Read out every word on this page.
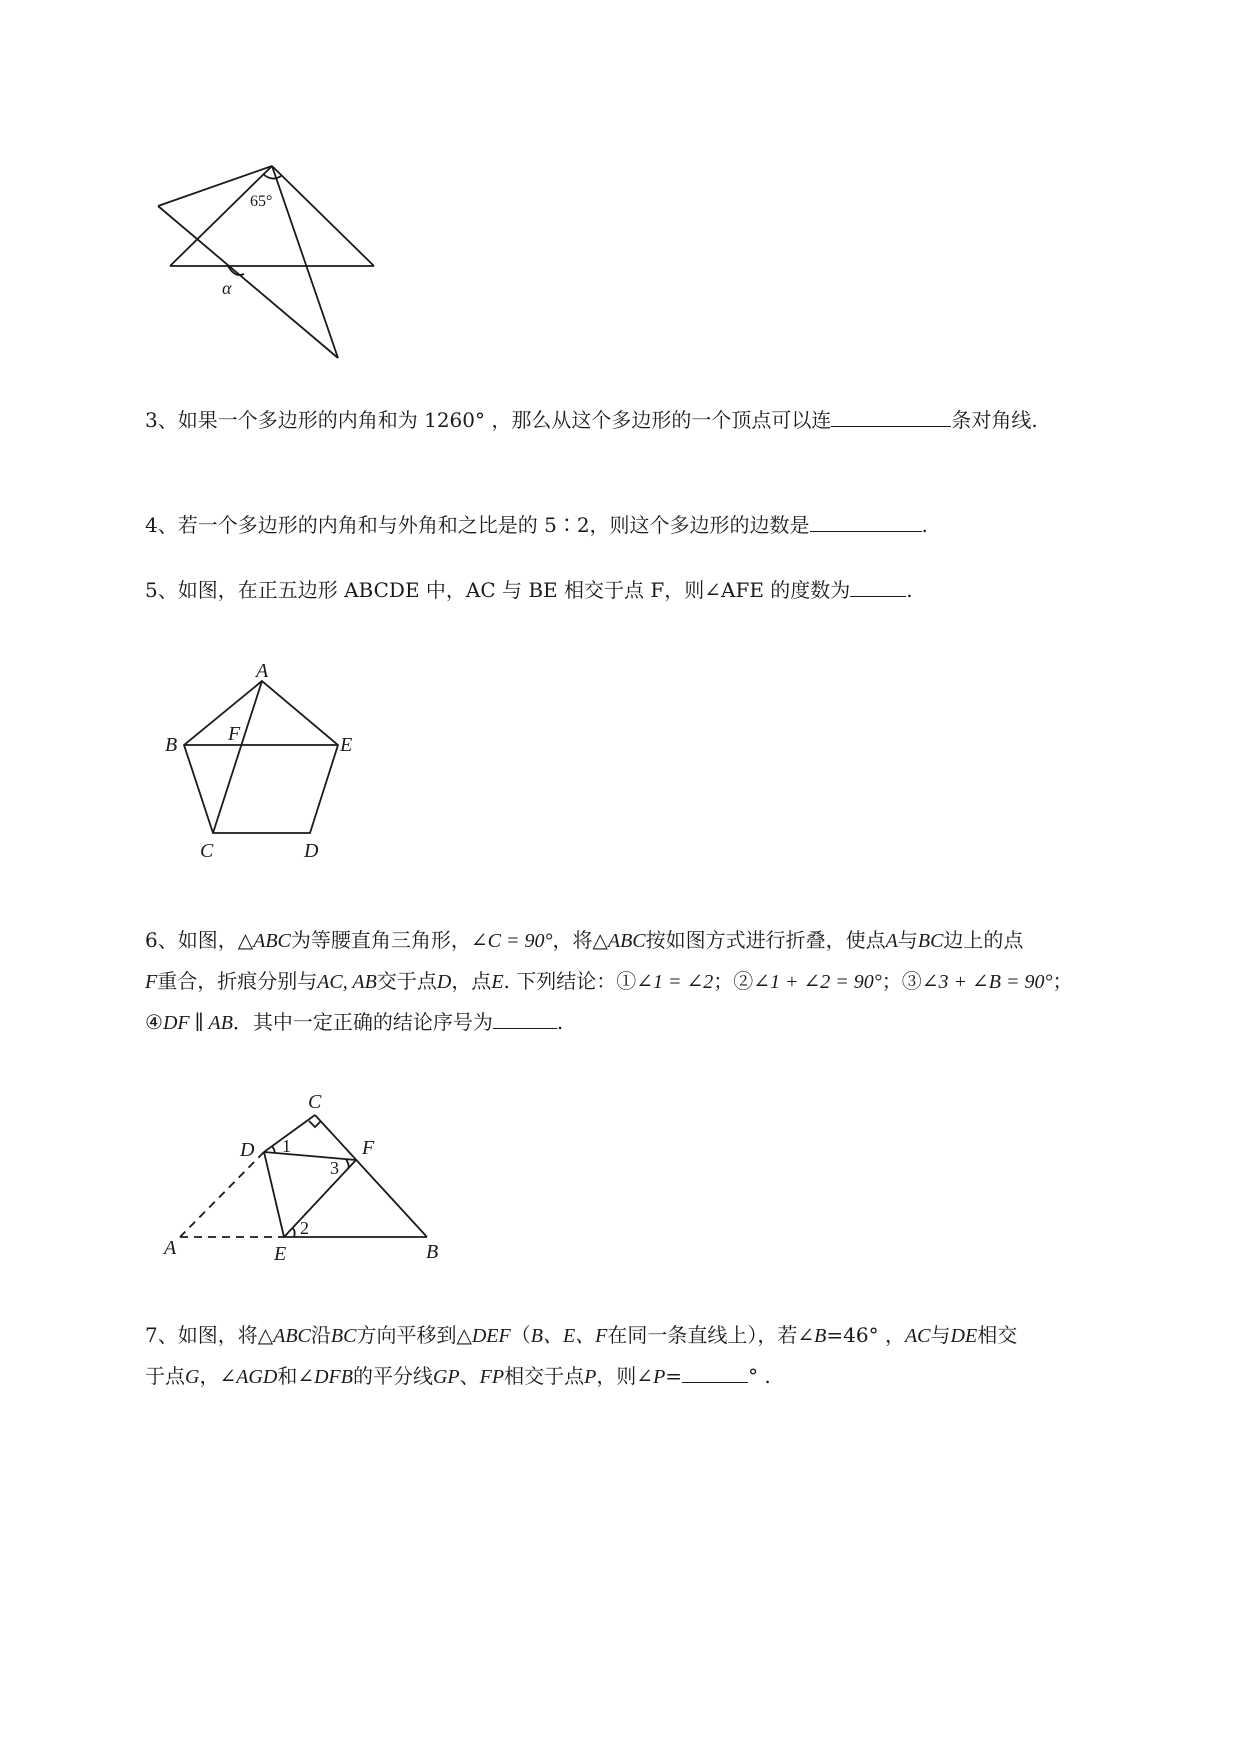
65°
α

3、如果一个多边形的内角和为 1260° ，那么从这个多边形的一个顶点可以连	条对角线.

4、若一个多边形的内角和与外角和之比是的 5∶2，则这个多边形的边数是	.

5、如图，在正五边形 ABCDE 中，AC 与 BE 相交于点 F，则∠AFE 的度数为	.

A
B	F	E
C	D

6、如图，△ABC为等腰直角三角形，∠C = 90°，将△ABC按如图方式进行折叠，使点A与BC边上的点

F重合，折痕分别与AC, AB交于点D，点E. 下列结论：①∠1 = ∠2；②∠1 + ∠2 = 90°；③∠3 + ∠B = 90°；

④DF ∥ AB．其中一定正确的结论序号为	.

C
D	F
A	E	B
1
3
2

7、如图，将△ABC沿BC方向平移到△DEF（B、E、F在同一条直线上），若∠B=46° ，AC与DE相交

于点G，∠AGD和∠DFB的平分线GP、FP相交于点P，则∠P=	° .
